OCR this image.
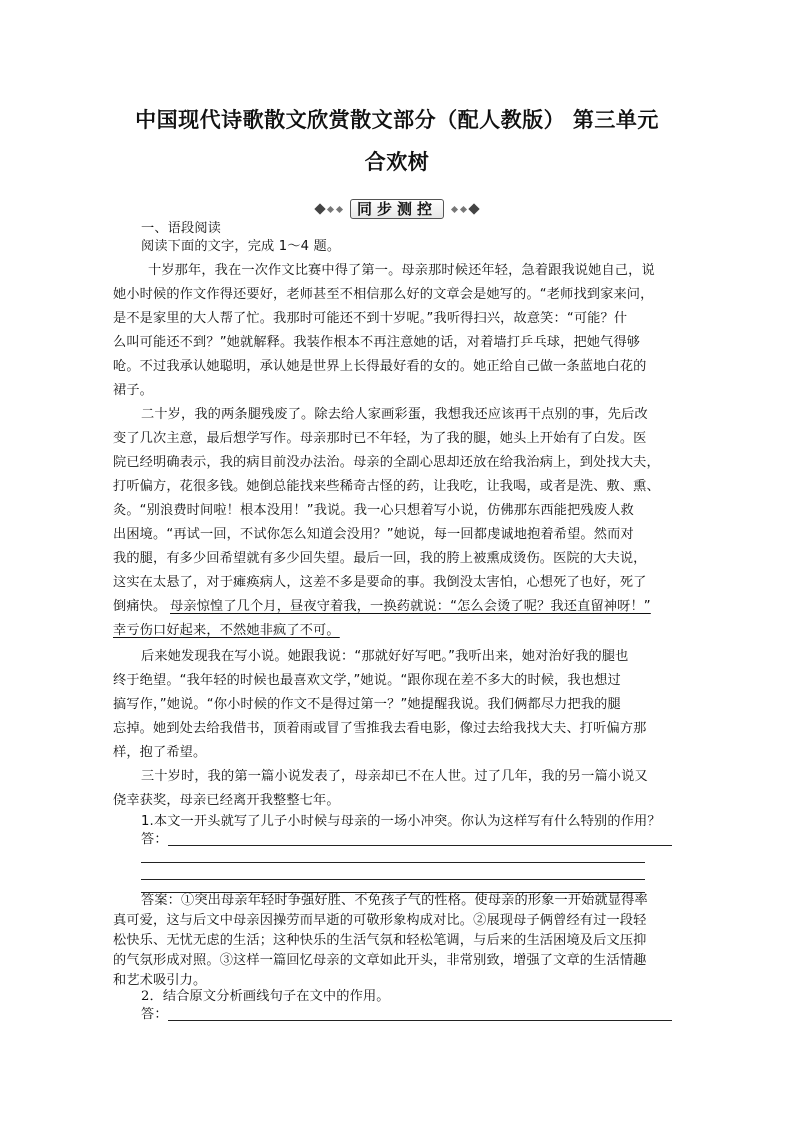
中国现代诗歌散文欣赏散文部分（配人教版） 第三单元
合欢树
同步测控
一、语段阅读
阅读下面的文字，完成 1～4 题。
十岁那年，我在一次作文比赛中得了第一。母亲那时候还年轻，急着跟我说她自己，说
她小时候的作文作得还要好，老师甚至不相信那么好的文章会是她写的。“老师找到家来问，
是不是家里的大人帮了忙。我那时可能还不到十岁呢。”我听得扫兴，故意笑：“可能？什
么叫可能还不到？”她就解释。我装作根本不再注意她的话，对着墙打乒乓球，把她气得够
呛。不过我承认她聪明，承认她是世界上长得最好看的女的。她正给自己做一条蓝地白花的
裙子。
二十岁，我的两条腿残废了。除去给人家画彩蛋，我想我还应该再干点别的事，先后改
变了几次主意，最后想学写作。母亲那时已不年轻，为了我的腿，她头上开始有了白发。医
院已经明确表示，我的病目前没办法治。母亲的全副心思却还放在给我治病上，到处找大夫，
打听偏方，花很多钱。她倒总能找来些稀奇古怪的药，让我吃，让我喝，或者是洗、敷、熏、
灸。“别浪费时间啦！根本没用！”我说。我一心只想着写小说，仿佛那东西能把残废人救
出困境。“再试一回，不试你怎么知道会没用？”她说，每一回都虔诚地抱着希望。然而对
我的腿，有多少回希望就有多少回失望。最后一回，我的胯上被熏成烫伤。医院的大夫说，
这实在太悬了，对于瘫痪病人，这差不多是要命的事。我倒没太害怕，心想死了也好，死了
倒痛快。 母亲惊惶了几个月，昼夜守着我，一换药就说：“怎么会烫了呢？我还直留神呀！”
幸亏伤口好起来，不然她非疯了不可。
后来她发现我在写小说。她跟我说：“那就好好写吧。”我听出来，她对治好我的腿也
终于绝望。“我年轻的时候也最喜欢文学，”她说。“跟你现在差不多大的时候，我也想过
搞写作，”她说。“你小时候的作文不是得过第一？”她提醒我说。我们俩都尽力把我的腿
忘掉。她到处去给我借书，顶着雨或冒了雪推我去看电影，像过去给我找大夫、打听偏方那
样，抱了希望。
三十岁时，我的第一篇小说发表了，母亲却已不在人世。过了几年，我的另一篇小说又
侥幸获奖，母亲已经离开我整整七年。
1.本文一开头就写了儿子小时候与母亲的一场小冲突。你认为这样写有什么特别的作用？
答：
答案：①突出母亲年轻时争强好胜、不免孩子气的性格。使母亲的形象一开始就显得率
真可爱，这与后文中母亲因操劳而早逝的可敬形象构成对比。②展现母子俩曾经有过一段轻
松快乐、无忧无虑的生活；这种快乐的生活气氛和轻松笔调，与后来的生活困境及后文压抑
的气氛形成对照。③这样一篇回忆母亲的文章如此开头，非常别致，增强了文章的生活情趣
和艺术吸引力。
2．结合原文分析画线句子在文中的作用。
答：
